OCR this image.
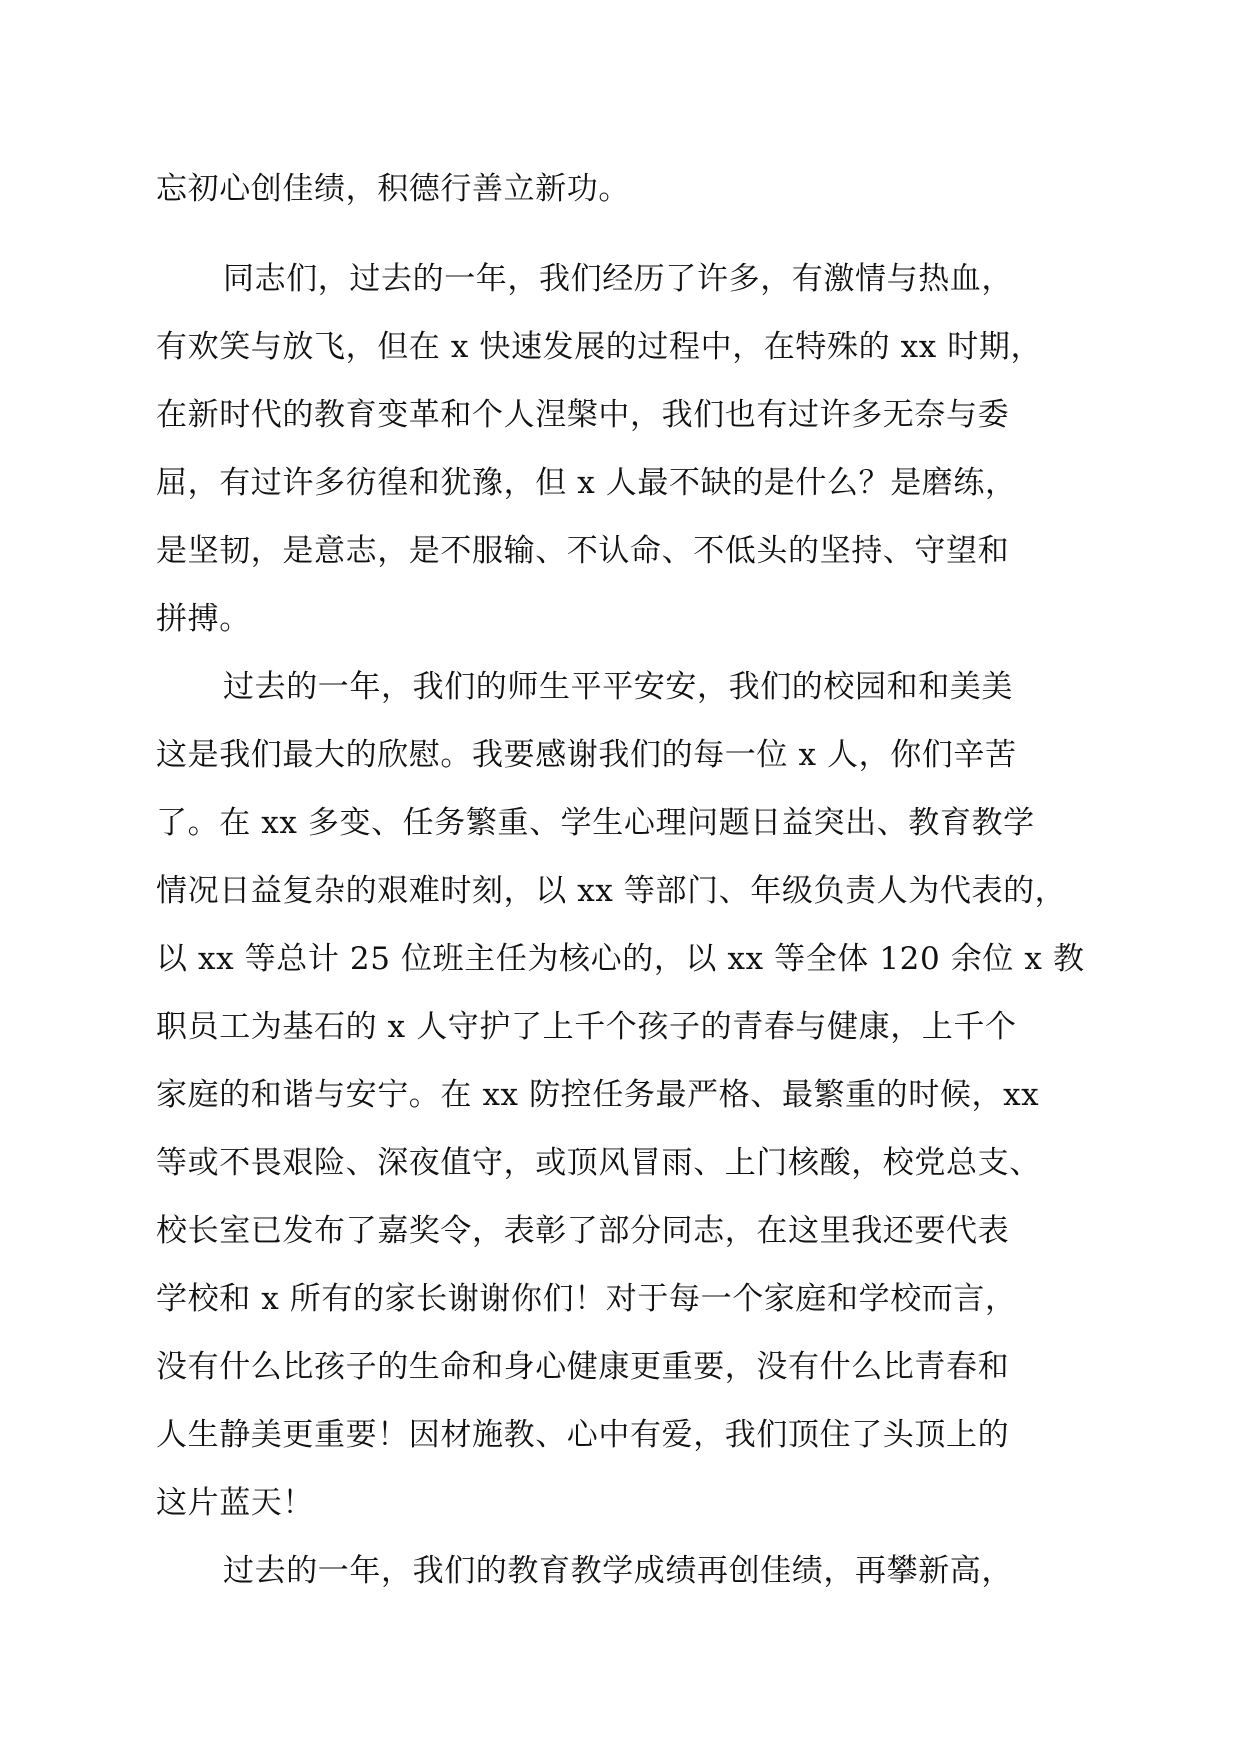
忘初心创佳绩，积德行善立新功。
同志们，过去的一年，我们经历了许多，有激情与热血，
有欢笑与放飞，但在 x 快速发展的过程中，在特殊的 xx 时期，
在新时代的教育变革和个人涅槃中，我们也有过许多无奈与委
屈，有过许多彷徨和犹豫，但 x 人最不缺的是什么？是磨练，
是坚韧，是意志，是不服输、不认命、不低头的坚持、守望和
拼搏。
过去的一年，我们的师生平平安安，我们的校园和和美美
这是我们最大的欣慰。我要感谢我们的每一位 x 人，你们辛苦
了。在 xx 多变、任务繁重、学生心理问题日益突出、教育教学
情况日益复杂的艰难时刻，以 xx 等部门、年级负责人为代表的，
以 xx 等总计 25 位班主任为核心的，以 xx 等全体 120 余位 x 教
职员工为基石的 x 人守护了上千个孩子的青春与健康，上千个
家庭的和谐与安宁。在 xx 防控任务最严格、最繁重的时候，xx
等或不畏艰险、深夜值守，或顶风冒雨、上门核酸，校党总支、
校长室已发布了嘉奖令，表彰了部分同志，在这里我还要代表
学校和 x 所有的家长谢谢你们！对于每一个家庭和学校而言，
没有什么比孩子的生命和身心健康更重要，没有什么比青春和
人生静美更重要！因材施教、心中有爱，我们顶住了头顶上的
这片蓝天！
过去的一年，我们的教育教学成绩再创佳绩，再攀新高，
